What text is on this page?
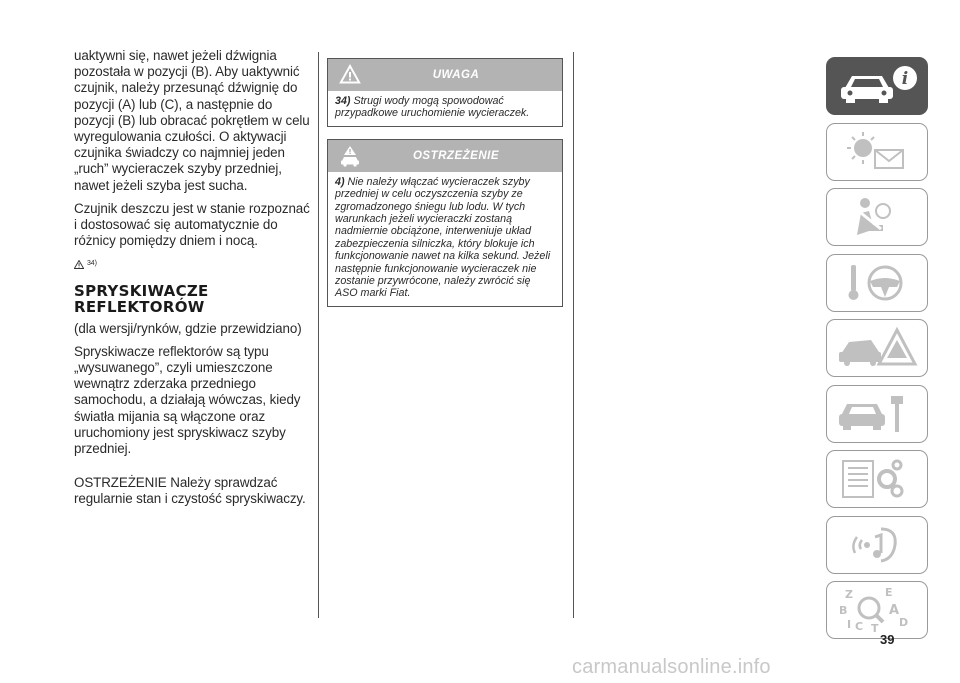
uaktywni się, nawet jeżeli dźwignia pozostała w pozycji (B). Aby uaktywnić czujnik, należy przesunąć dźwignię do pozycji (A) lub (C), a następnie do pozycji (B) lub obracać pokrętłem w celu wyregulowania czułości. O aktywacji czujnika świadczy co najmniej jeden „ruch” wycieraczek szyby przedniej, nawet jeżeli szyba jest sucha.

Czujnik deszczu jest w stanie rozpoznać i dostosować się automatycznie do różnicy pomiędzy dniem i nocą.

34)
SPRYSKIWACZE
REFLEKTORÓW

(dla wersji/rynków, gdzie przewidziano)

Spryskiwacze reflektorów są typu „wysuwanego”, czyli umieszczone wewnątrz zderzaka przedniego samochodu, a działają wówczas, kiedy światła mijania są włączone oraz uruchomiony jest spryskiwacz szyby przedniej.

OSTRZEŻENIE Należy sprawdzać regularnie stan i czystość spryskiwaczy.

UWAGA
34) Strugi wody mogą spowodować przypadkowe uruchomienie wycieraczek.
OSTRZEŻENIE
4) Nie należy włączać wycieraczek szyby przedniej w celu oczyszczenia szyby ze zgromadzonego śniegu lub lodu. W tych warunkach jeżeli wycieraczki zostaną nadmiernie obciążone, interweniuje układ zabezpieczenia silniczka, który blokuje ich funkcjonowanie nawet na kilka sekund. Jeżeli następnie funkcjonowanie wycieraczek nie zostanie przywrócone, należy zwrócić się ASO marki Fiat.
i
Z	E
B	A
D
C T
I
39
carmanualsonline.info
